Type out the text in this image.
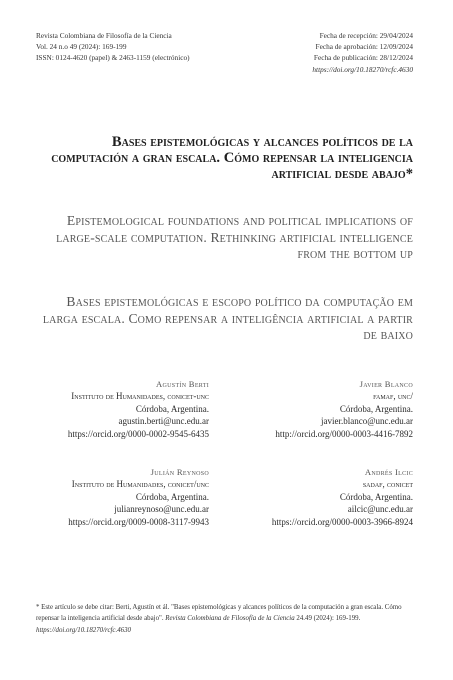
Revista Colombiana de Filosofía de la Ciencia
Vol. 24 n.o 49 (2024): 169-199
ISSN: 0124-4620 (papel) & 2463-1159 (electrónico)
Fecha de recepción: 29/04/2024
Fecha de aprobación: 12/09/2024
Fecha de publicación: 28/12/2024
https://doi.org/10.18270/rcfc.4630
Bases epistemológicas y alcances políticos de la computación a gran escala. Cómo repensar la inteligencia artificial desde abajo*
Epistemological foundations and political implications of large-scale computation. Rethinking artificial intelligence from the bottom up
Bases epistemológicas e escopo político da computação em larga escala. Como repensar a inteligência artificial a partir de baixo
Agustín Berti
Instituto de Humanidades, conicet-unc
Córdoba, Argentina.
agustin.berti@unc.edu.ar
https://orcid.org/0000-0002-9545-6435
Javier Blanco
famaf, unc/
Córdoba, Argentina.
javier.blanco@unc.edu.ar
http://orcid.org/0000-0003-4416-7892
Julián Reynoso
Instituto de Humanidades, conicet/unc
Córdoba, Argentina.
julianreynoso@unc.edu.ar
https://orcid.org/0009-0008-3117-9943
Andrés Ilcic
sadaf, conicet
Córdoba, Argentina.
ailcic@unc.edu.ar
https://orcid.org/0000-0003-3966-8924
* Este artículo se debe citar: Berti, Agustín et ál. "Bases epistemológicas y alcances políticos de la computación a gran escala. Cómo repensar la inteligencia artificial desde abajo". Revista Colombiana de Filosofía de la Ciencia 24.49 (2024): 169-199. https://doi.org/10.18270/rcfc.4630
